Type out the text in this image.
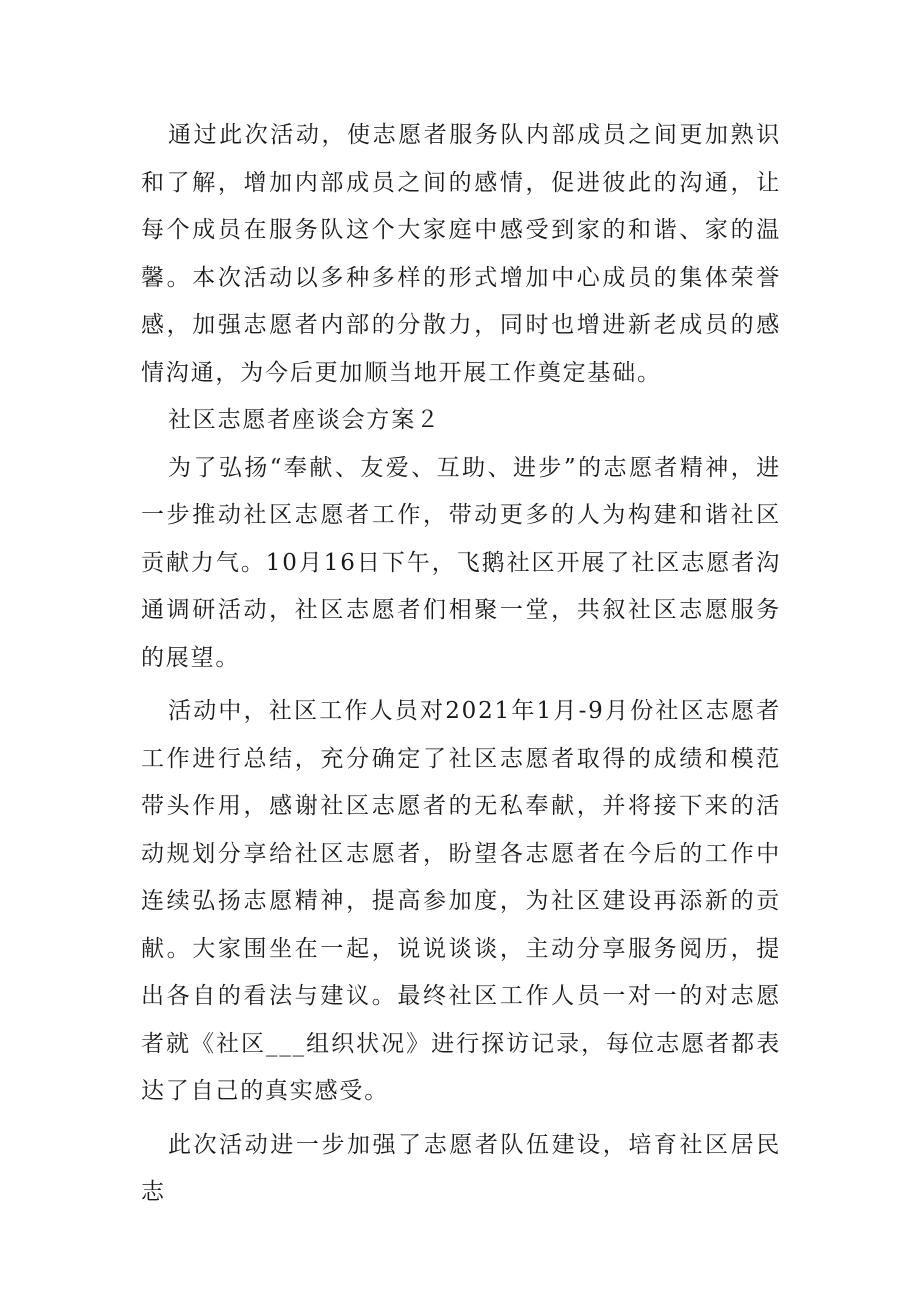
通过此次活动，使志愿者服务队内部成员之间更加熟识和了解，增加内部成员之间的感情，促进彼此的沟通，让每个成员在服务队这个大家庭中感受到家的和谐、家的温馨。本次活动以多种多样的形式增加中心成员的集体荣誉感，加强志愿者内部的分散力，同时也增进新老成员的感情沟通，为今后更加顺当地开展工作奠定基础。

社区志愿者座谈会方案２

为了弘扬“奉献、友爱、互助、进步”的志愿者精神，进一步推动社区志愿者工作，带动更多的人为构建和谐社区贡献力气。10月16日下午，飞鹅社区开展了社区志愿者沟通调研活动，社区志愿者们相聚一堂，共叙社区志愿服务的展望。

活动中，社区工作人员对2021年1月-9月份社区志愿者工作进行总结，充分确定了社区志愿者取得的成绩和模范带头作用，感谢社区志愿者的无私奉献，并将接下来的活动规划分享给社区志愿者，盼望各志愿者在今后的工作中连续弘扬志愿精神，提高参加度，为社区建设再添新的贡献。大家围坐在一起，说说谈谈，主动分享服务阅历，提出各自的看法与建议。最终社区工作人员一对一的对志愿者就《社区___组织状况》进行探访记录，每位志愿者都表达了自己的真实感受。

此次活动进一步加强了志愿者队伍建设，培育社区居民志
